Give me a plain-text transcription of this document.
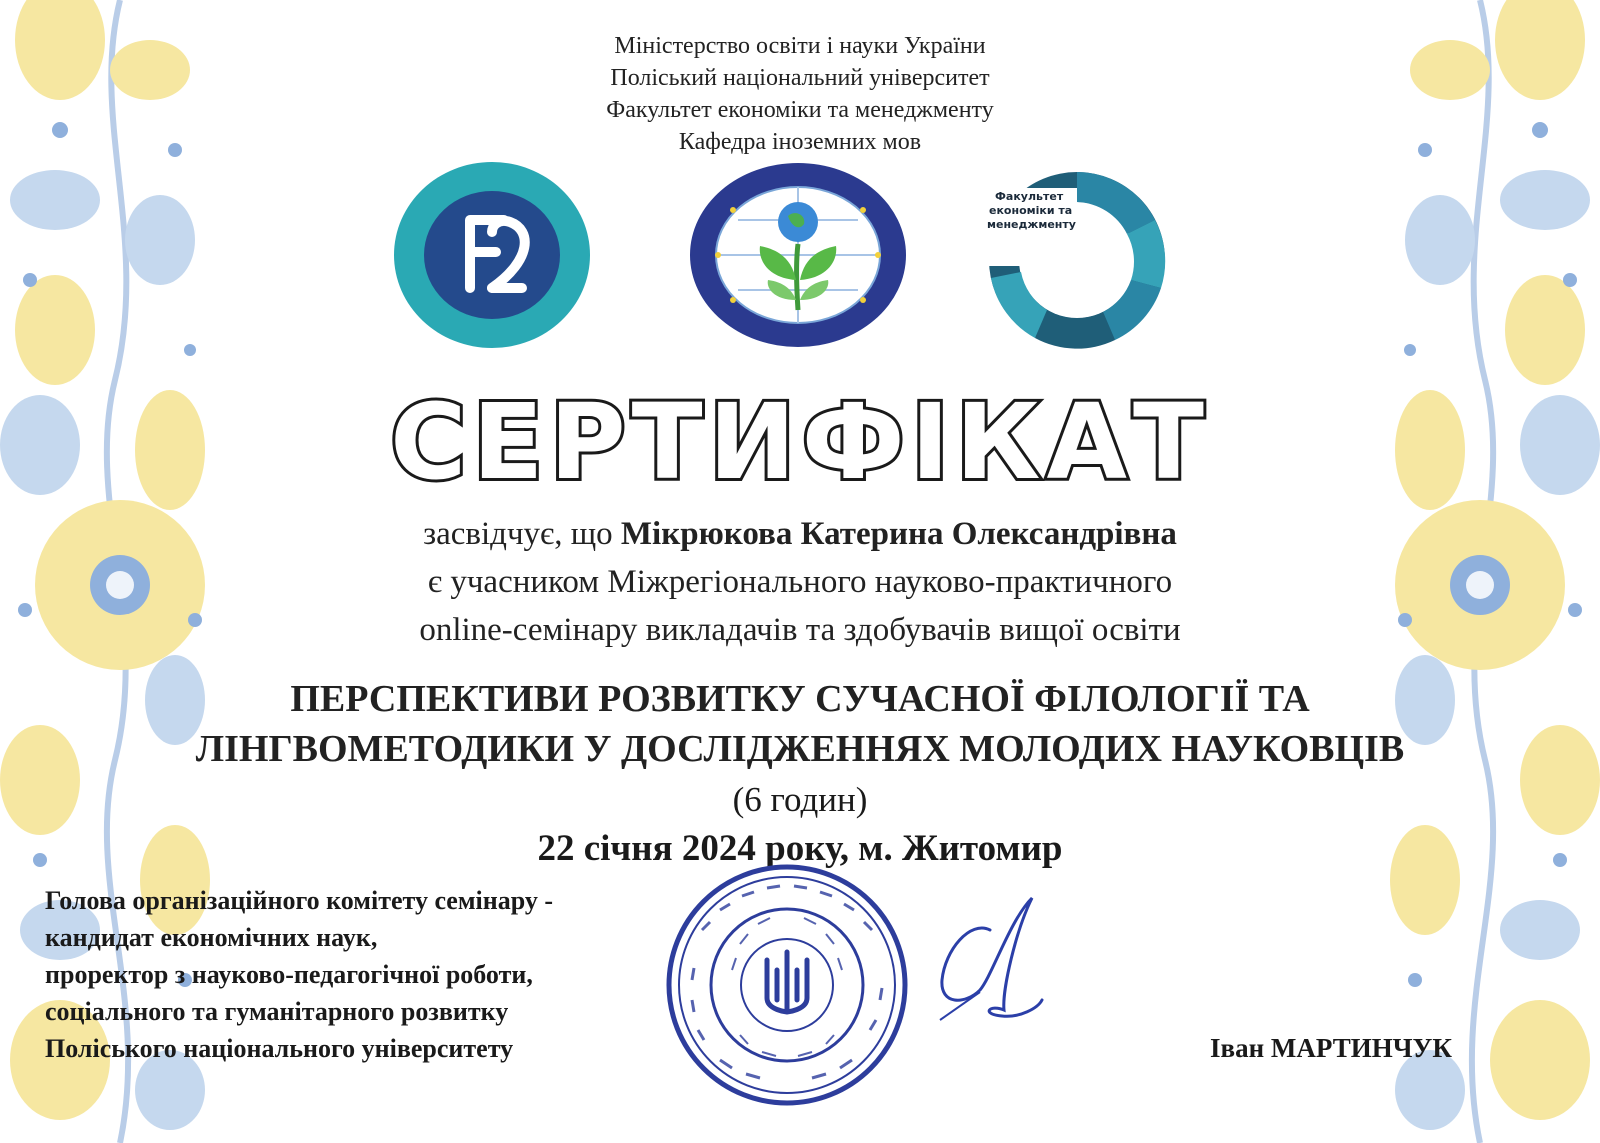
Міністерство освіти і науки України
Поліський національний університет
Факультет економіки та менеджменту
Кафедра іноземних мов
Факультет
економіки та
менеджменту
СЕРТИФІКАТ
засвідчує, що Мікрюкова Катерина Олександрівна
є учасником Міжрегіонального науково-практичного
online-семінару викладачів та здобувачів вищої освіти
ПЕРСПЕКТИВИ РОЗВИТКУ СУЧАСНОЇ ФІЛОЛОГІЇ ТА
ЛІНГВОМЕТОДИКИ У ДОСЛІДЖЕННЯХ МОЛОДИХ НАУКОВЦІВ
(6 годин)
22 січня 2024 року, м. Житомир
Голова організаційного комітету семінару -
кандидат економічних наук,
проректор з науково-педагогічної роботи,
соціального та гуманітарного розвитку
Поліського національного університету	Іван МАРТИНЧУК
